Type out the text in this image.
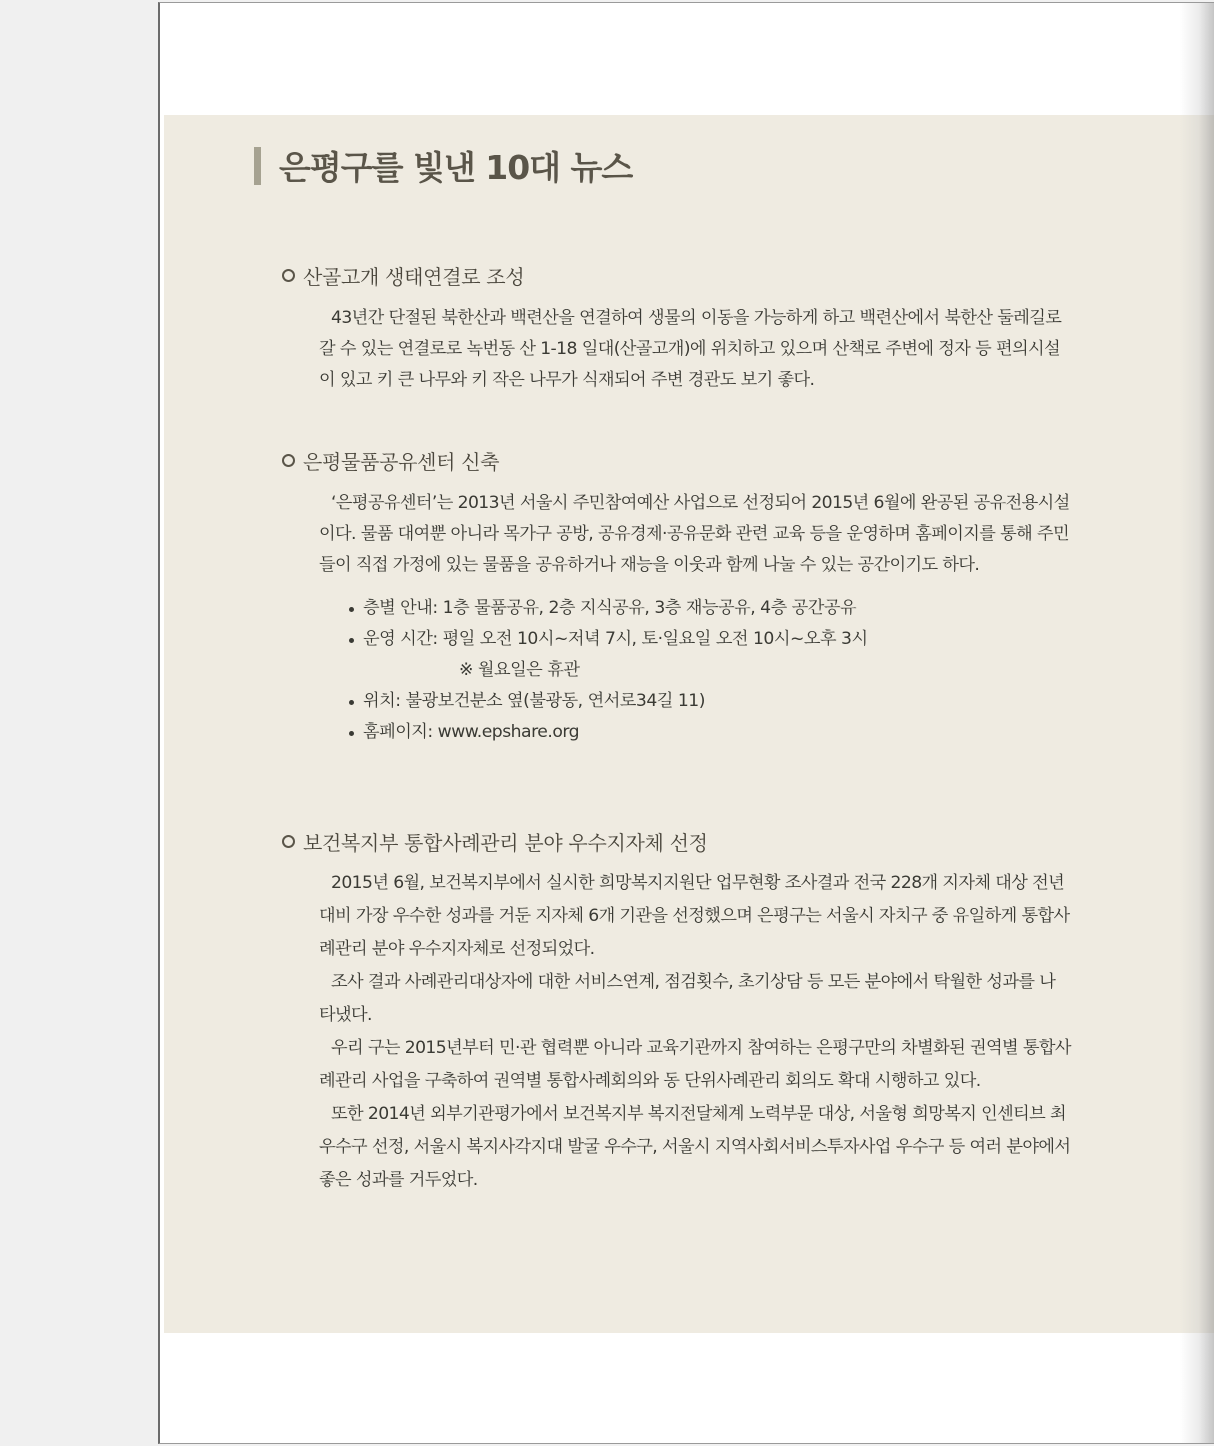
은평구를 빛낸 10대 뉴스
산골고개 생태연결로 조성

43년간 단절된 북한산과 백련산을 연결하여 생물의 이동을 가능하게 하고 백련산에서 북한산 둘레길로 갈 수 있는 연결로로 녹번동 산 1-18 일대(산골고개)에 위치하고 있으며 산책로 주변에 정자 등 편의시설이 있고 키 큰 나무와 키 작은 나무가 식재되어 주변 경관도 보기 좋다.

은평물품공유센터 신축

‘은평공유센터’는 2013년 서울시 주민참여예산 사업으로 선정되어 2015년 6월에 완공된 공유전용시설이다. 물품 대여뿐 아니라 목가구 공방, 공유경제·공유문화 관련 교육 등을 운영하며 홈페이지를 통해 주민들이 직접 가정에 있는 물품을 공유하거나 재능을 이웃과 함께 나눌 수 있는 공간이기도 하다.

층별 안내: 1층 물품공유, 2층 지식공유, 3층 재능공유, 4층 공간공유
운영 시간: 평일 오전 10시~저녁 7시, 토·일요일 오전 10시~오후 3시
※ 월요일은 휴관
위치: 불광보건분소 옆(불광동, 연서로34길 11)
홈페이지: www.epshare.org
보건복지부 통합사례관리 분야 우수지자체 선정

2015년 6월, 보건복지부에서 실시한 희망복지지원단 업무현황 조사결과 전국 228개 지자체 대상 전년대비 가장 우수한 성과를 거둔 지자체 6개 기관을 선정했으며 은평구는 서울시 자치구 중 유일하게 통합사례관리 분야 우수지자체로 선정되었다.

조사 결과 사례관리대상자에 대한 서비스연계, 점검횟수, 초기상담 등 모든 분야에서 탁월한 성과를 나타냈다.

우리 구는 2015년부터 민·관 협력뿐 아니라 교육기관까지 참여하는 은평구만의 차별화된 권역별 통합사례관리 사업을 구축하여 권역별 통합사례회의와 동 단위사례관리 회의도 확대 시행하고 있다.

또한 2014년 외부기관평가에서 보건복지부 복지전달체계 노력부문 대상, 서울형 희망복지 인센티브 최우수구 선정, 서울시 복지사각지대 발굴 우수구, 서울시 지역사회서비스투자사업 우수구 등 여러 분야에서 좋은 성과를 거두었다.
